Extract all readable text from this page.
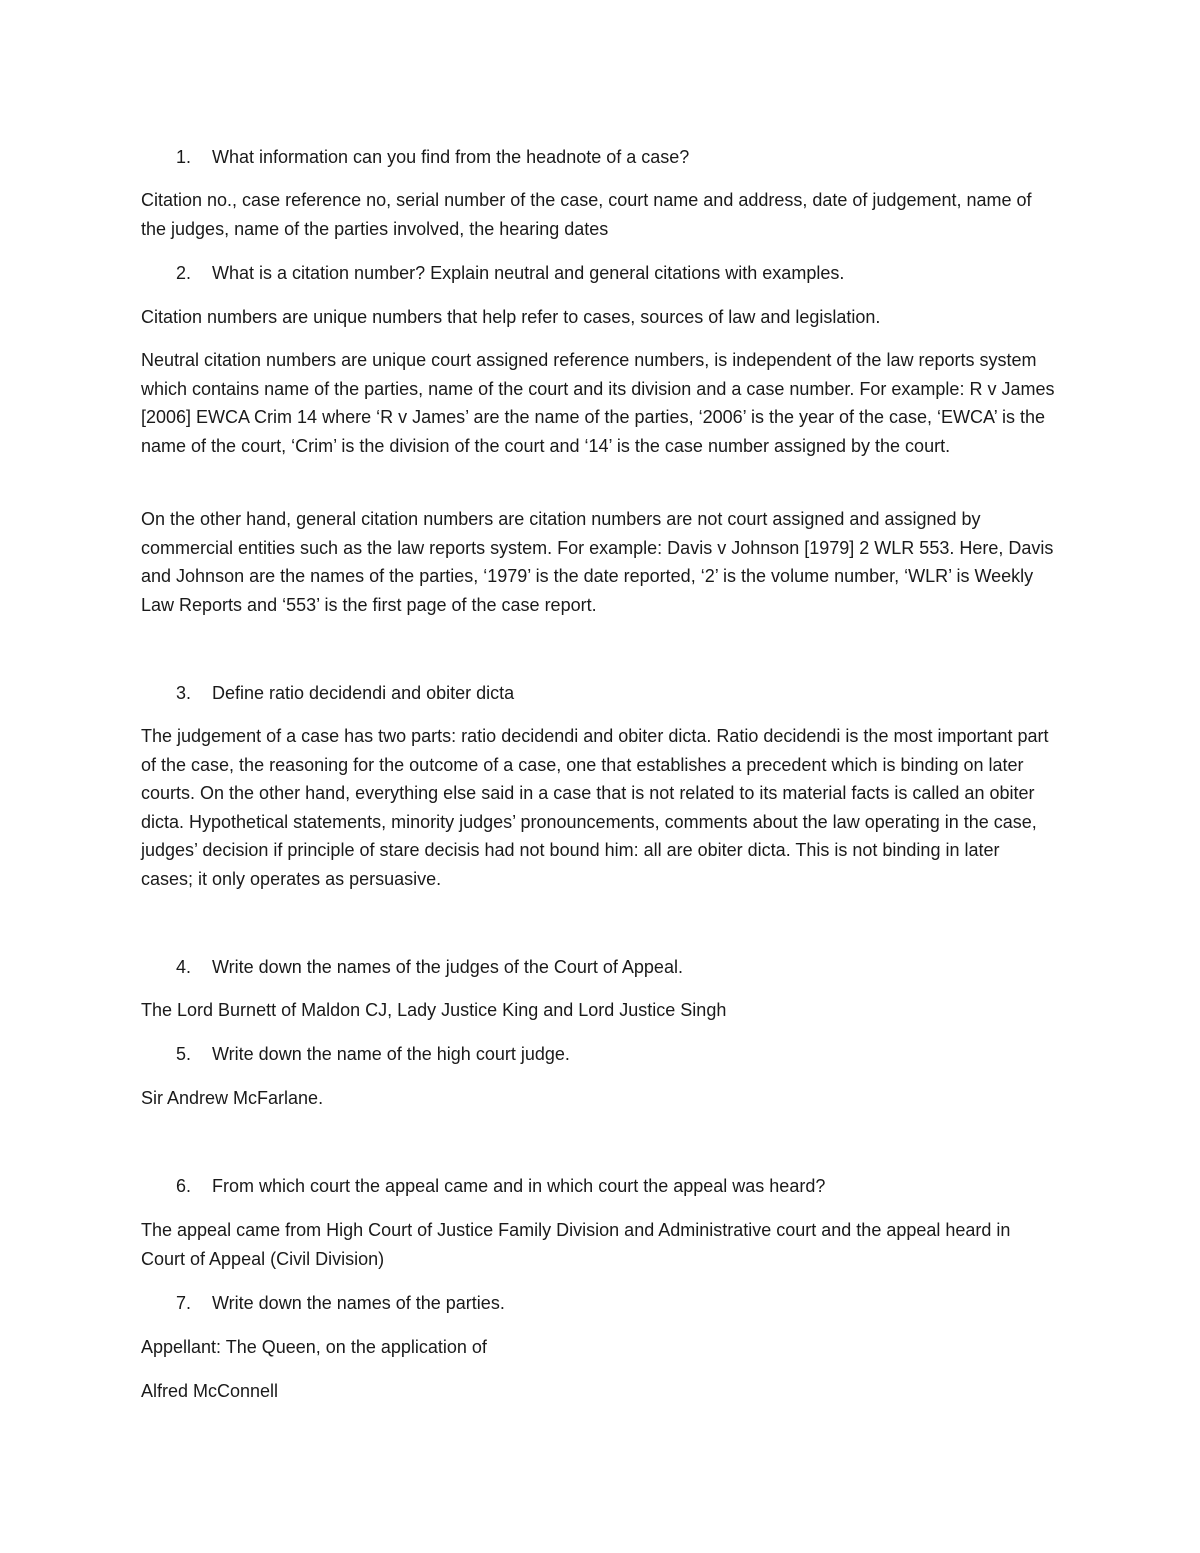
1. What information can you find from the headnote of a case?
Citation no., case reference no, serial number of the case, court name and address, date of judgement, name of the judges, name of the parties involved, the hearing dates
2. What is a citation number? Explain neutral and general citations with examples.
Citation numbers are unique numbers that help refer to cases, sources of law and legislation.
Neutral citation numbers are unique court assigned reference numbers, is independent of the law reports system which contains name of the parties, name of the court and its division and a case number. For example: R v James [2006] EWCA Crim 14 where ‘R v James’ are the name of the parties, ‘2006’ is the year of the case, ‘EWCA’ is the name of the court, ‘Crim’ is the division of the court and ‘14’ is the case number assigned by the court.
On the other hand, general citation numbers are citation numbers are not court assigned and assigned by commercial entities such as the law reports system. For example: Davis v Johnson [1979] 2 WLR 553. Here, Davis and Johnson are the names of the parties, ‘1979’ is the date reported, ‘2’ is the volume number, ‘WLR’ is Weekly Law Reports and ‘553’ is the first page of the case report.
3. Define ratio decidendi and obiter dicta
The judgement of a case has two parts: ratio decidendi and obiter dicta. Ratio decidendi is the most important part of the case, the reasoning for the outcome of a case, one that establishes a precedent which is binding on later courts. On the other hand, everything else said in a case that is not related to its material facts is called an obiter dicta. Hypothetical statements, minority judges’ pronouncements, comments about the law operating in the case, judges’ decision if principle of stare decisis had not bound him: all are obiter dicta. This is not binding in later cases; it only operates as persuasive.
4. Write down the names of the judges of the Court of Appeal.
The Lord Burnett of Maldon CJ, Lady Justice King and Lord Justice Singh
5. Write down the name of the high court judge.
Sir Andrew McFarlane.
6. From which court the appeal came and in which court the appeal was heard?
The appeal came from High Court of Justice Family Division and Administrative court and the appeal heard in Court of Appeal (Civil Division)
7. Write down the names of the parties.
Appellant: The Queen, on the application of
Alfred McConnell
